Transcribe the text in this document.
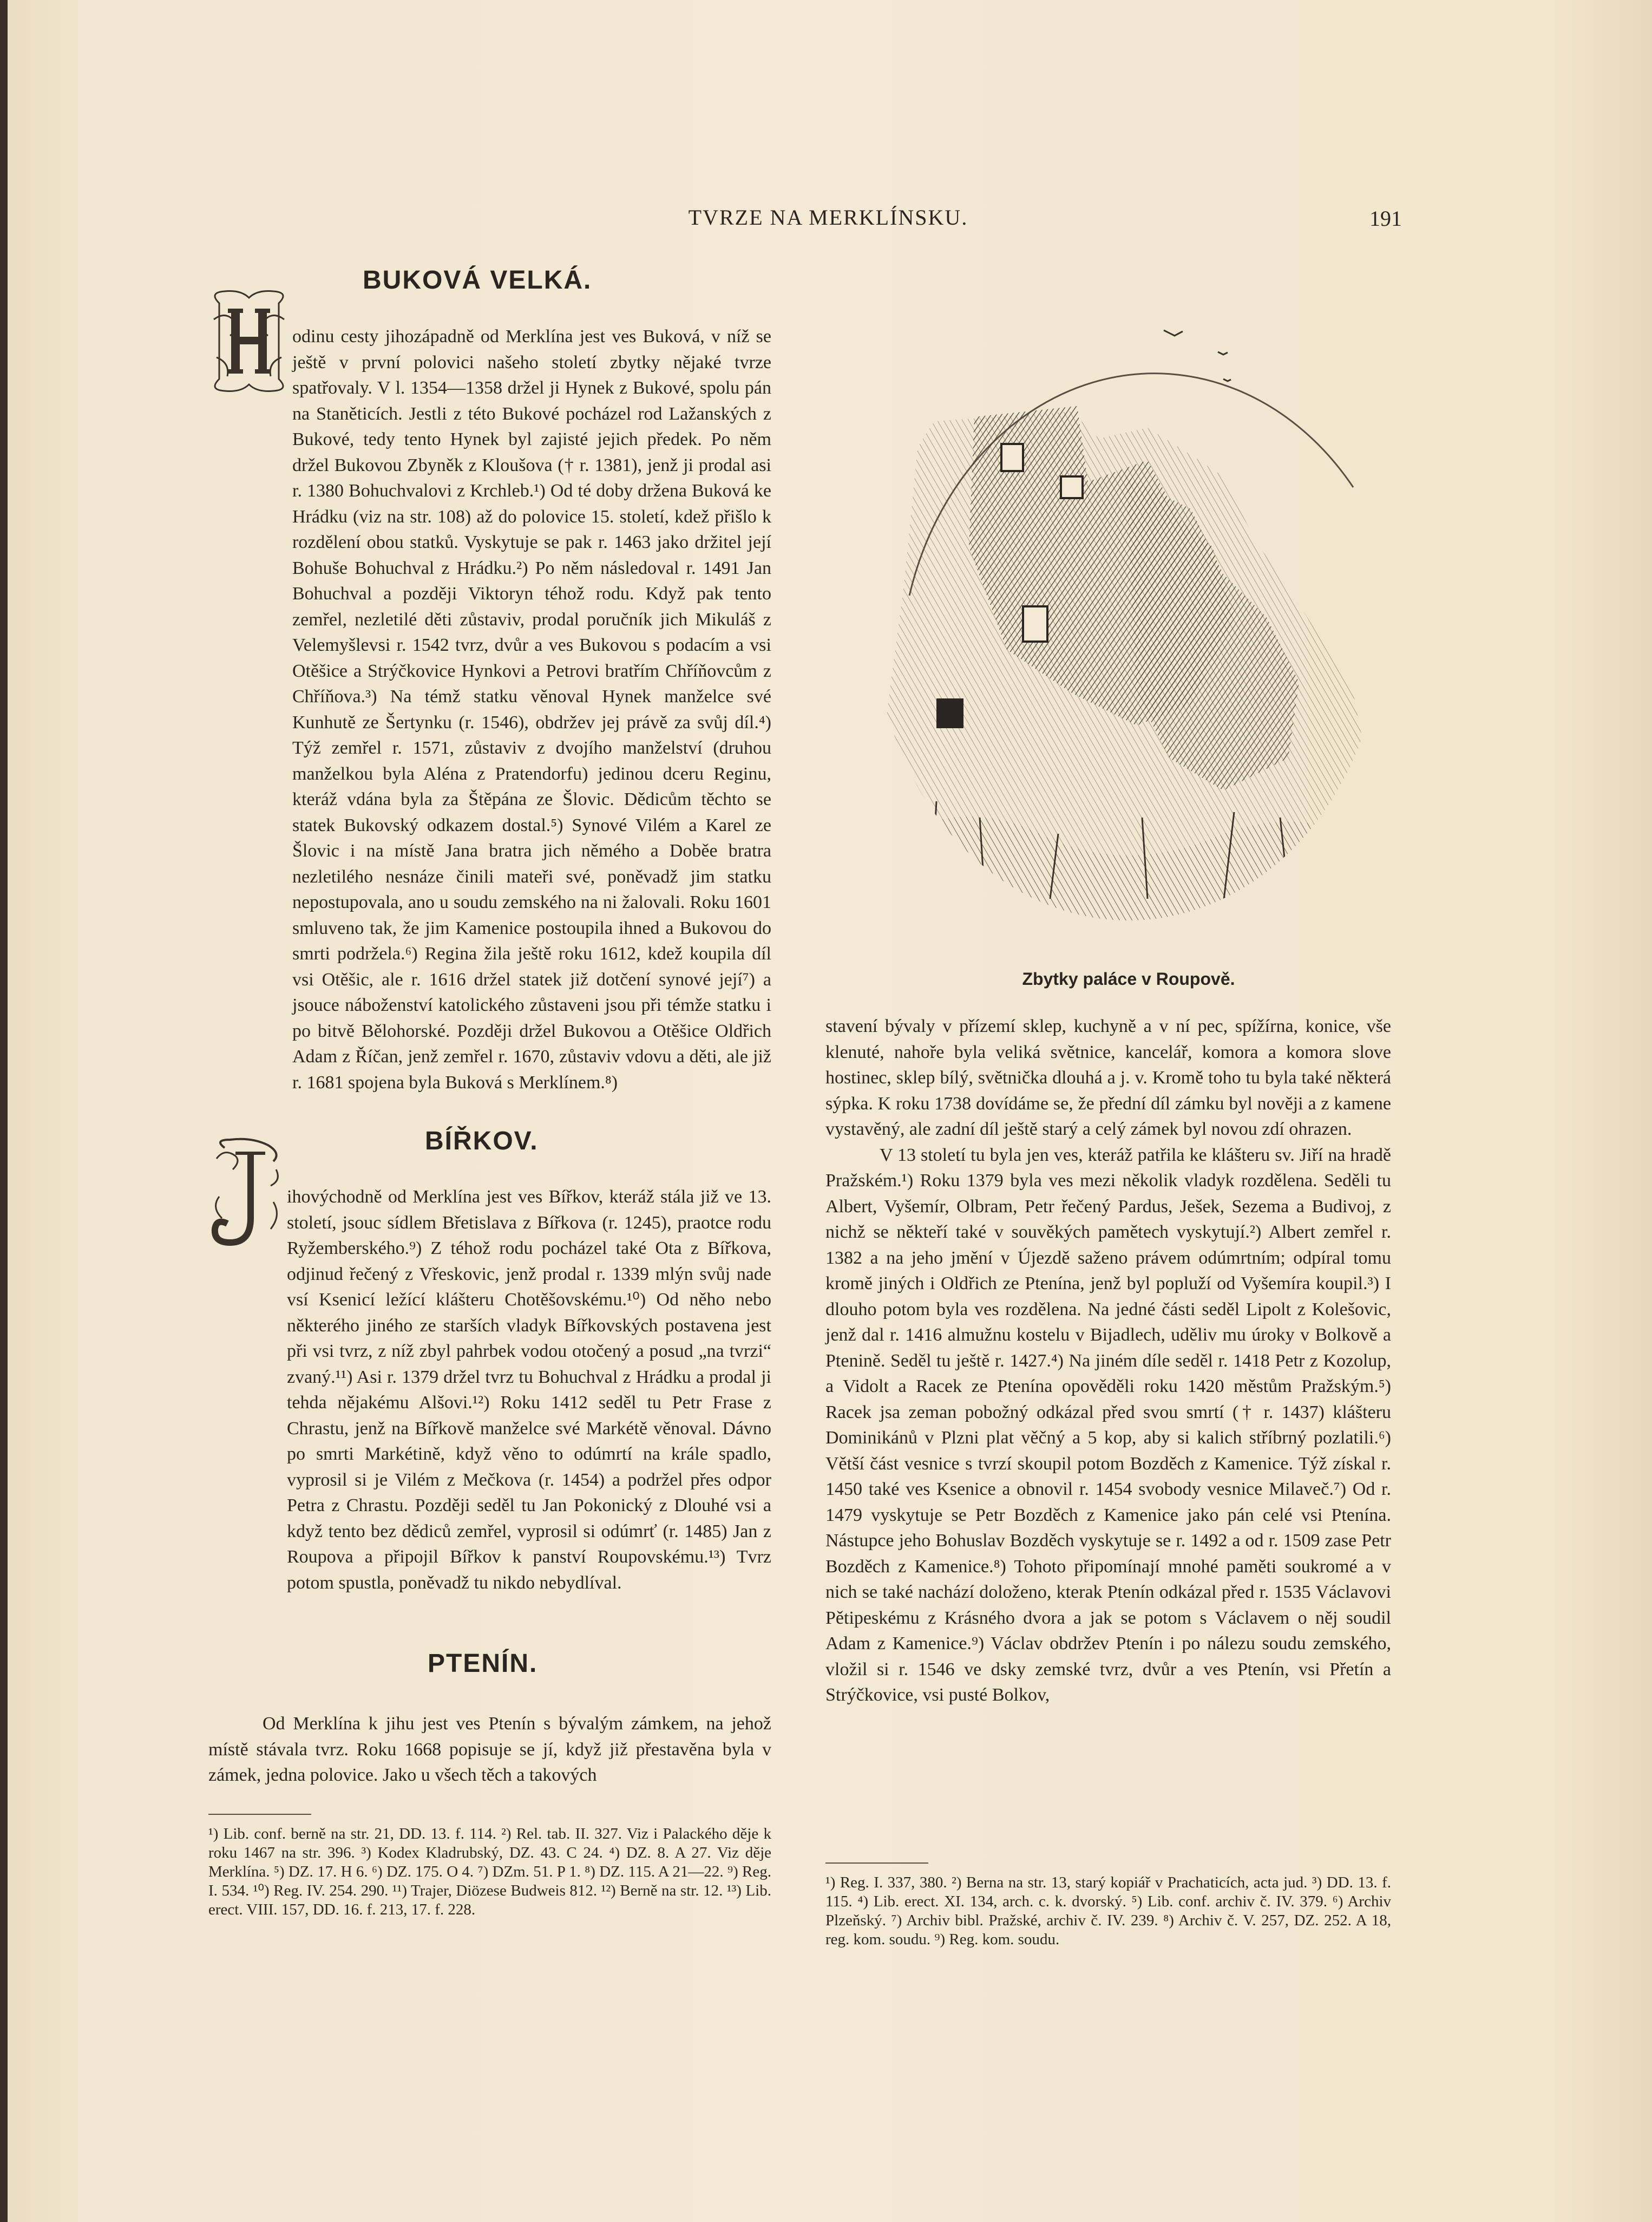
TVRZE NA MERKLÍNSKU.	191
BUKOVÁ VELKÁ.

odinu cesty jihozápadně od Merklína jest ves Buková, v níž se ještě v první polovici našeho století zbytky nějaké tvrze spatřovaly. V l. 1354—1358 držel ji Hynek z Bukové, spolu pán na Staněticích. Jestli z této Bukové pocházel rod Lažanských z Bukové, tedy tento Hynek byl zajisté jejich předek. Po něm držel Bukovou Zbyněk z Kloušova († r. 1381), jenž ji prodal asi r. 1380 Bohuchvalovi z Krchleb.¹) Od té doby držena Buková ke Hrádku (viz na str. 108) až do polovice 15. století, kdež přišlo k rozdělení obou statků. Vyskytuje se pak r. 1463 jako držitel její Bohuše Bohuchval z Hrádku.²) Po něm následoval r. 1491 Jan Bohuchval a později Viktoryn téhož rodu. Když pak tento zemřel, nezletilé děti zůstaviv, prodal poručník jich Mikuláš z Velemyšlevsi r. 1542 tvrz, dvůr a ves Bukovou s podacím a vsi Otěšice a Strýčkovice Hynkovi a Petrovi bratřím Chříňovcům z Chříňova.³) Na témž statku věnoval Hynek manželce své Kunhutě ze Šertynku (r. 1546), obdržev jej právě za svůj díl.⁴) Týž zemřel r. 1571, zůstaviv z dvojího manželství (druhou manželkou byla Aléna z Pratendorfu) jedinou dceru Reginu, kteráž vdána byla za Štěpána ze Šlovic. Dědicům těchto se statek Bukovský odkazem dostal.⁵) Synové Vilém a Karel ze Šlovic i na místě Jana bratra jich němého a Doběe bratra nezletilého nesnáze činili mateři své, poněvadž jim statku nepostupovala, ano u soudu zemského na ni žalovali. Roku 1601 smluveno tak, že jim Kamenice postoupila ihned a Bukovou do smrti podržela.⁶) Regina žila ještě roku 1612, kdež koupila díl vsi Otěšic, ale r. 1616 držel statek již dotčení synové její⁷) a jsouce náboženství katolického zůstaveni jsou při témže statku i po bitvě Bělohorské. Později držel Bukovou a Otěšice Oldřich Adam z Říčan, jenž zemřel r. 1670, zůstaviv vdovu a děti, ale již r. 1681 spojena byla Buková s Merklínem.⁸)

BÍŘKOV.

ihovýchodně od Merklína jest ves Bířkov, kteráž stála již ve 13. století, jsouc sídlem Břetislava z Bířkova (r. 1245), praotce rodu Ryžemberského.⁹) Z téhož rodu pocházel také Ota z Bířkova, odjinud řečený z Vřeskovic, jenž prodal r. 1339 mlýn svůj nade vsí Ksenicí ležící klášteru Chotěšovskému.¹⁰) Od něho nebo některého jiného ze starších vladyk Bířkovských postavena jest při vsi tvrz, z níž zbyl pahrbek vodou otočený a posud „na tvrzi“ zvaný.¹¹) Asi r. 1379 držel tvrz tu Bohuchval z Hrádku a prodal ji tehda nějakému Alšovi.¹²) Roku 1412 seděl tu Petr Frase z Chrastu, jenž na Bířkově manželce své Markétě věnoval. Dávno po smrti Markétině, když věno to odúmrtí na krále spadlo, vyprosil si je Vilém z Mečkova (r. 1454) a podržel přes odpor Petra z Chrastu. Později seděl tu Jan Pokonický z Dlouhé vsi a když tento bez dědiců zemřel, vyprosil si odúmrť (r. 1485) Jan z Roupova a připojil Bířkov k panství Roupovskému.¹³) Tvrz potom spustla, poněvadž tu nikdo nebydlíval.

PTENÍN.

Od Merklína k jihu jest ves Ptenín s bývalým zámkem, na jehož místě stávala tvrz. Roku 1668 popisuje se jí, když již přestavěna byla v zámek, jedna polovice. Jako u všech těch a takových

¹) Lib. conf. berně na str. 21, DD. 13. f. 114. ²) Rel. tab. II. 327. Viz i Palackého děje k roku 1467 na str. 396. ³) Kodex Kladrubský, DZ. 43. C 24. ⁴) DZ. 8. A 27. Viz děje Merklína. ⁵) DZ. 17. H 6. ⁶) DZ. 175. O 4. ⁷) DZm. 51. P 1. ⁸) DZ. 115. A 21—22. ⁹) Reg. I. 534. ¹⁰) Reg. IV. 254. 290. ¹¹) Trajer, Diözese Budweis 812. ¹²) Berně na str. 12. ¹³) Lib. erect. VIII. 157, DD. 16. f. 213, 17. f. 228.
Zbytky paláce v Roupově.

stavení bývaly v přízemí sklep, kuchyně a v ní pec, spížírna, konice, vše klenuté, nahoře byla veliká světnice, kancelář, komora a komora slove hostinec, sklep bílý, světnička dlouhá a j. v. Kromě toho tu byla také některá sýpka. K roku 1738 dovídáme se, že přední díl zámku byl nověji a z kamene vystavěný, ale zadní díl ještě starý a celý zámek byl novou zdí ohrazen.

V 13 století tu byla jen ves, kteráž patřila ke klášteru sv. Jiří na hradě Pražském.¹) Roku 1379 byla ves mezi několik vladyk rozdělena. Seděli tu Albert, Vyšemír, Olbram, Petr řečený Pardus, Ješek, Sezema a Budivoj, z nichž se někteří také v souvěkých pamětech vyskytují.²) Albert zemřel r. 1382 a na jeho jmění v Újezdě saženo právem odúmrtním; odpíral tomu kromě jiných i Oldřich ze Ptenína, jenž byl popluží od Vyšemíra koupil.³) I dlouho potom byla ves rozdělena. Na jedné části seděl Lipolt z Kolešovic, jenž dal r. 1416 almužnu kostelu v Bijadlech, uděliv mu úroky v Bolkově a Ptenině. Seděl tu ještě r. 1427.⁴) Na jiném díle seděl r. 1418 Petr z Kozolup, a Vidolt a Racek ze Ptenína opověděli roku 1420 městům Pražským.⁵) Racek jsa zeman pobožný odkázal před svou smrtí († r. 1437) klášteru Dominikánů v Plzni plat věčný a 5 kop, aby si kalich stříbrný pozlatili.⁶) Větší část vesnice s tvrzí skoupil potom Bozděch z Kamenice. Týž získal r. 1450 také ves Ksenice a obnovil r. 1454 svobody vesnice Milaveč.⁷) Od r. 1479 vyskytuje se Petr Bozděch z Kamenice jako pán celé vsi Ptenína. Nástupce jeho Bohuslav Bozděch vyskytuje se r. 1492 a od r. 1509 zase Petr Bozděch z Kamenice.⁸) Tohoto připomínají mnohé paměti soukromé a v nich se také nachází doloženo, kterak Ptenín odkázal před r. 1535 Václavovi Pětipeskému z Krásného dvora a jak se potom s Václavem o něj soudil Adam z Kamenice.⁹) Václav obdržev Ptenín i po nálezu soudu zemského, vložil si r. 1546 ve dsky zemské tvrz, dvůr a ves Ptenín, vsi Přetín a Strýčkovice, vsi pusté Bolkov,

¹) Reg. I. 337, 380. ²) Berna na str. 13, starý kopiář v Prachaticích, acta jud. ³) DD. 13. f. 115. ⁴) Lib. erect. XI. 134, arch. c. k. dvorský. ⁵) Lib. conf. archiv č. IV. 379. ⁶) Archiv Plzeňský. ⁷) Archiv bibl. Pražské, archiv č. IV. 239. ⁸) Archiv č. V. 257, DZ. 252. A 18, reg. kom. soudu. ⁹) Reg. kom. soudu.
